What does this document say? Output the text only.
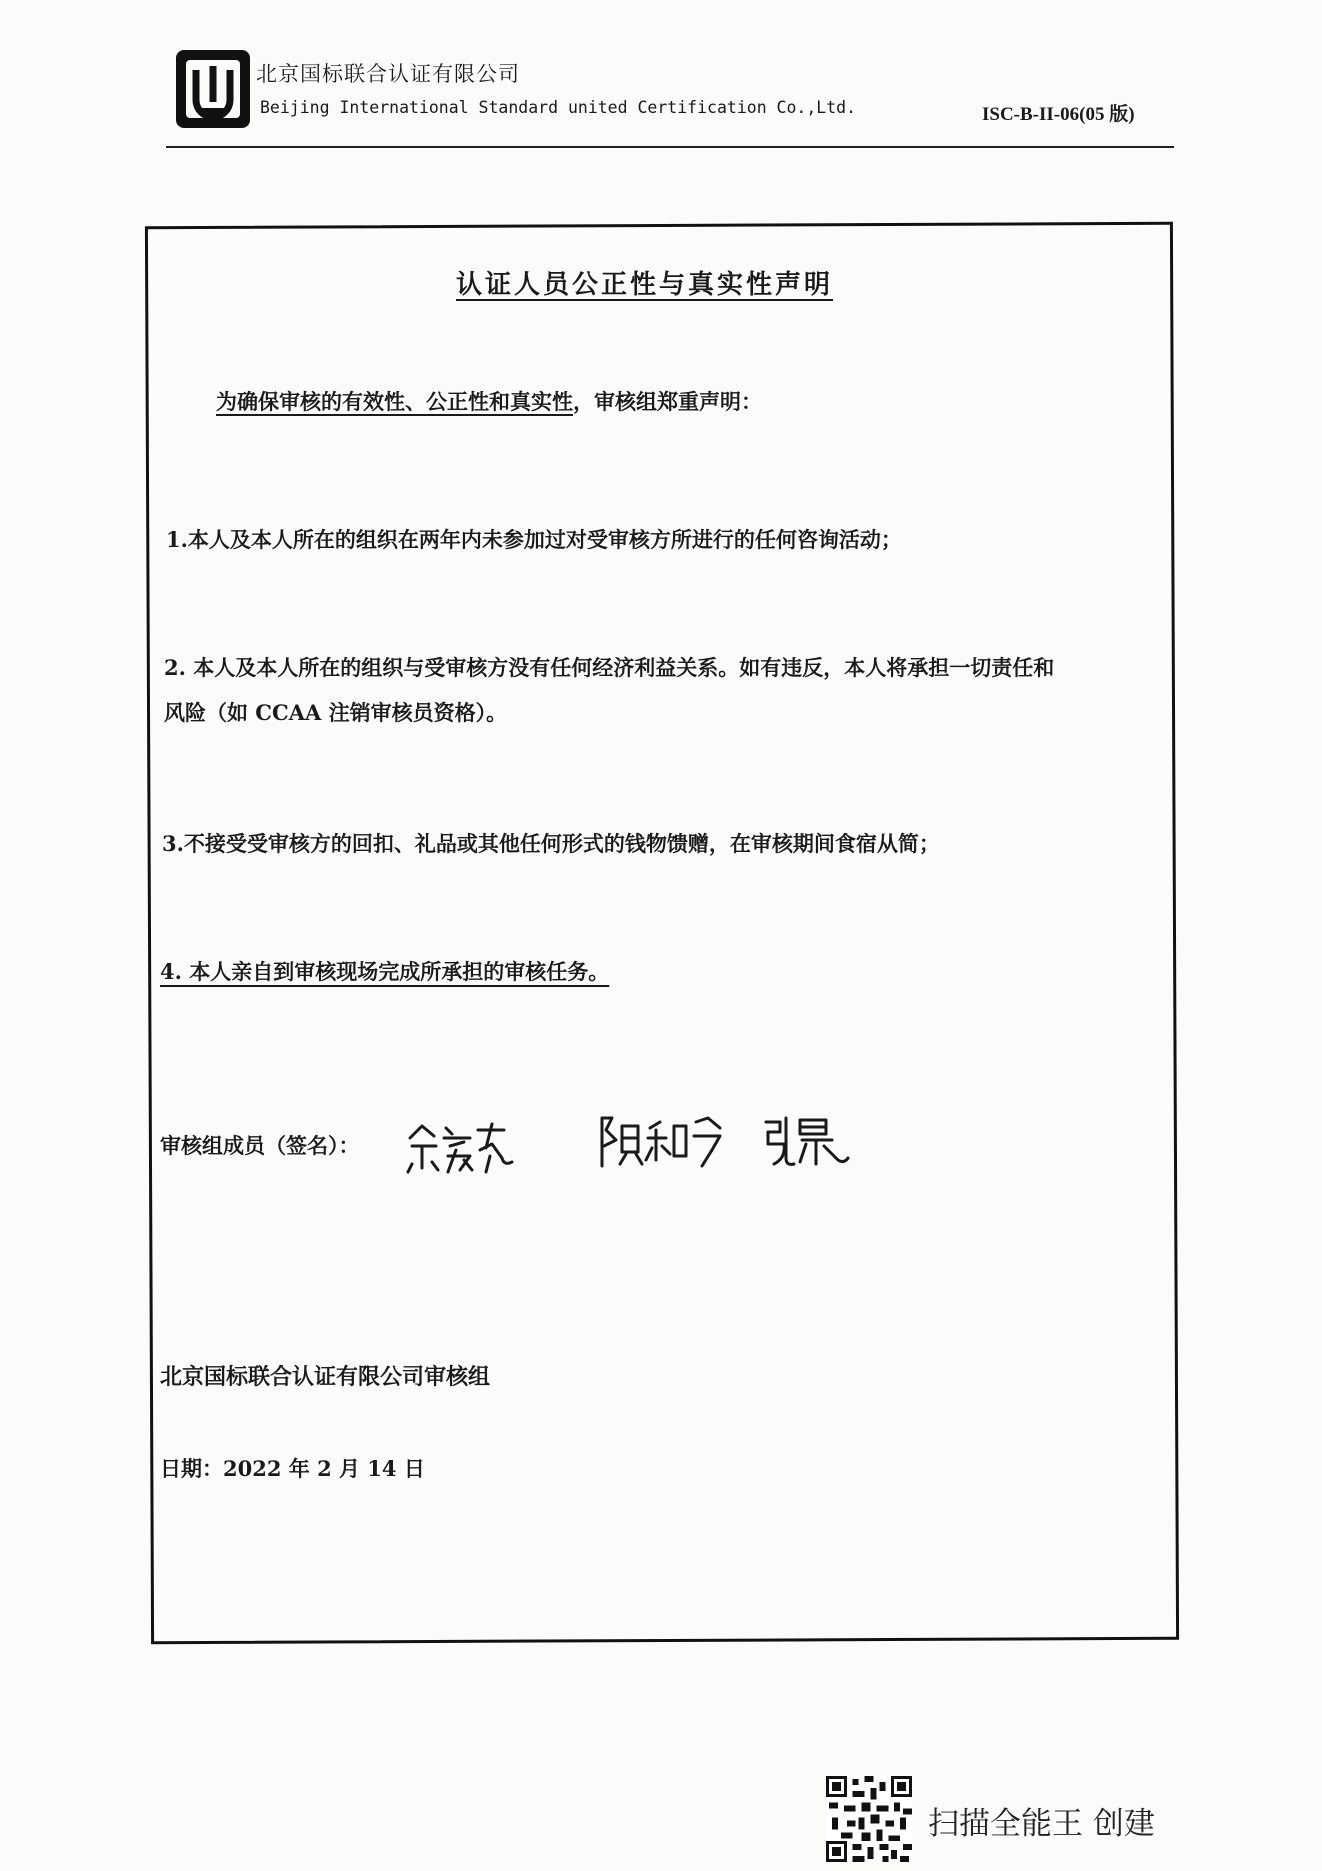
北京国标联合认证有限公司
Beijing International Standard united Certification Co.,Ltd.	ISC-B-II-06(05 版)
认证人员公正性与真实性声明
为确保审核的有效性、公正性和真实性，审核组郑重声明：
1.本人及本人所在的组织在两年内未参加过对受审核方所进行的任何咨询活动；
2. 本人及本人所在的组织与受审核方没有任何经济利益关系。如有违反，本人将承担一切责任和
风险（如 CCAA 注销审核员资格）。
3.不接受受审核方的回扣、礼品或其他任何形式的钱物馈赠，在审核期间食宿从简；
4. 本人亲自到审核现场完成所承担的审核任务。
审核组成员（签名）：
北京国标联合认证有限公司审核组
日期：2022 年 2 月 14 日
扫描全能王 创建
